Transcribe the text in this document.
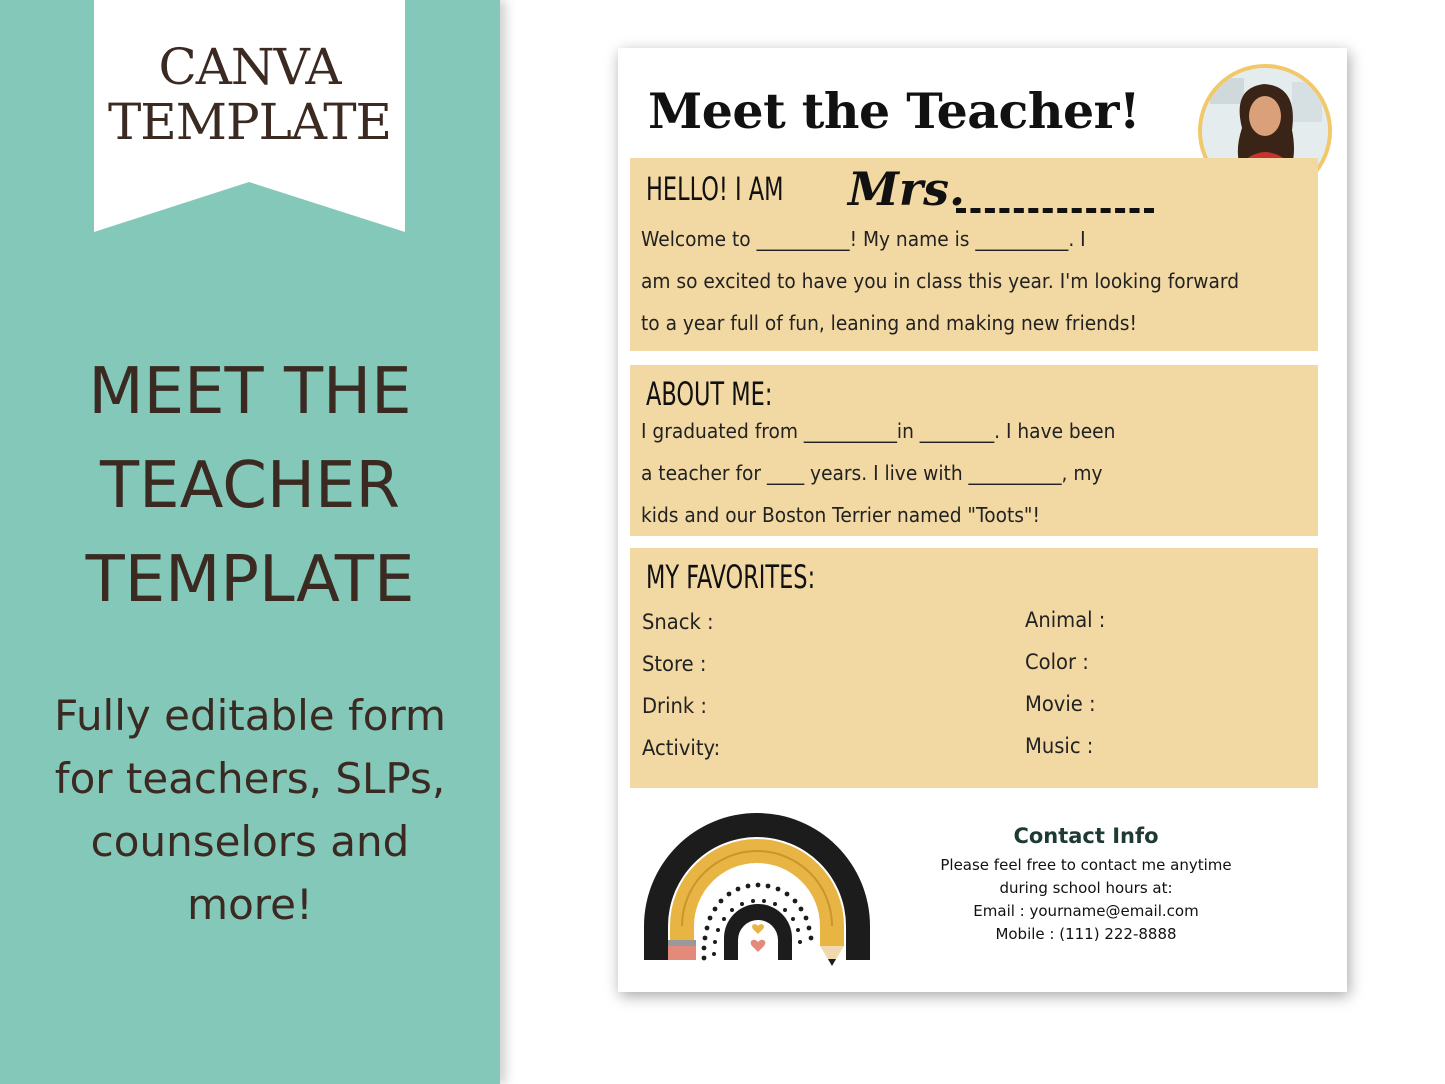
CANVA
TEMPLATE
MEET THE
TEACHER
TEMPLATE
Fully editable form
for teachers, SLPs,
counselors and
more!
Meet the Teacher!
HELLO! I AM Mrs.
Welcome to __________! My name is __________. I
am so excited to have you in class this year. I'm looking forward
to a year full of fun, leaning and making new friends!
ABOUT ME:
I graduated from __________in ________. I have been
a teacher for ____ years. I live with __________, my
kids and our Boston Terrier named "Toots"!
MY FAVORITES:
Snack :
Store :
Drink :
Activity:
Animal :
Color :
Movie :
Music :
Contact Info
Please feel free to contact me anytime
during school hours at:
Email : yourname@email.com
Mobile : (111) 222-8888
